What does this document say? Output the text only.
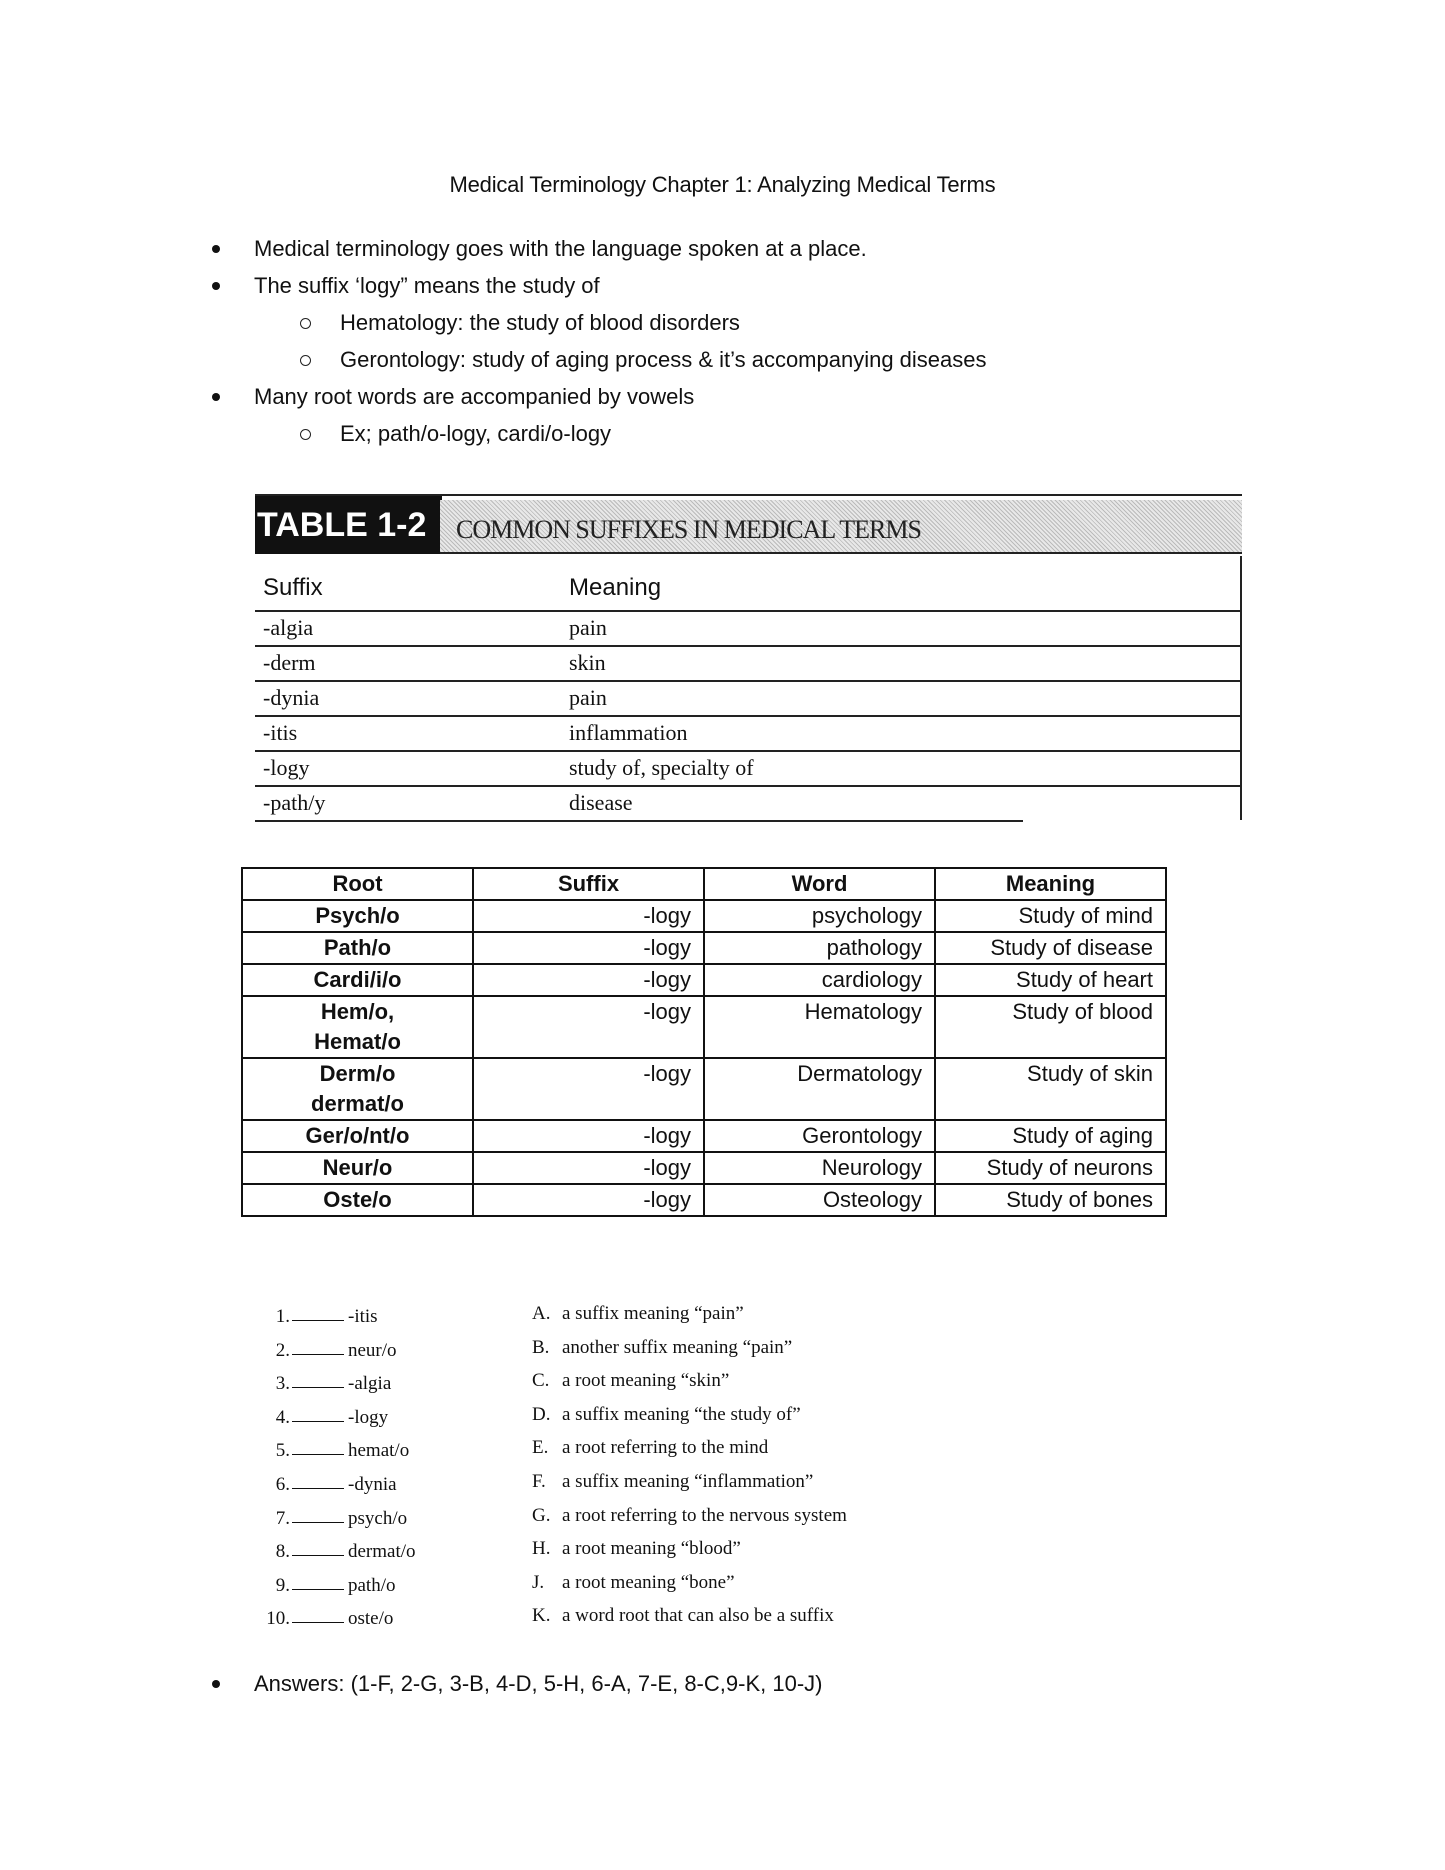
Medical Terminology Chapter 1: Analyzing Medical Terms
Medical terminology goes with the language spoken at a place.
The suffix ‘logy” means the study of
Hematology: the study of blood disorders
Gerontology: study of aging process & it’s accompanying diseases
Many root words are accompanied by vowels
Ex; path/o-logy, cardi/o-logy
TABLE 1-2	COMMON SUFFIXES IN MEDICAL TERMS
Suffix	Meaning
-algia	pain
-derm	skin
-dynia	pain
-itis	inflammation
-logy	study of, specialty of
-path/y	disease
Root	Suffix	Word	Meaning
Psych/o	-logy	psychology	Study of mind
Path/o	-logy	pathology	Study of disease
Cardi/i/o	-logy	cardiology	Study of heart

Hem/o,
Hemat/o	-logy	Hematology	Study of blood

Derm/o
dermat/o	-logy	Dermatology	Study of skin
Ger/o/nt/o	-logy	Gerontology	Study of aging
Neur/o	-logy	Neurology	Study of neurons
Oste/o	-logy	Osteology	Study of bones
1.	-itis	A. a suffix meaning “pain”
2.	neur/o	B. another suffix meaning “pain”
3.	-algia	C. a root meaning “skin”
4.	-logy	D. a suffix meaning “the study of”
5.	hemat/o	E. a root referring to the mind
6.	-dynia	F. a suffix meaning “inflammation”
7.	psych/o	G. a root referring to the nervous system
8.	dermat/o	H. a root meaning “blood”
9.	path/o	J. a root meaning “bone”
10.	oste/o	K. a word root that can also be a suffix
Answers: (1-F, 2-G, 3-B, 4-D, 5-H, 6-A, 7-E, 8-C,9-K, 10-J)
